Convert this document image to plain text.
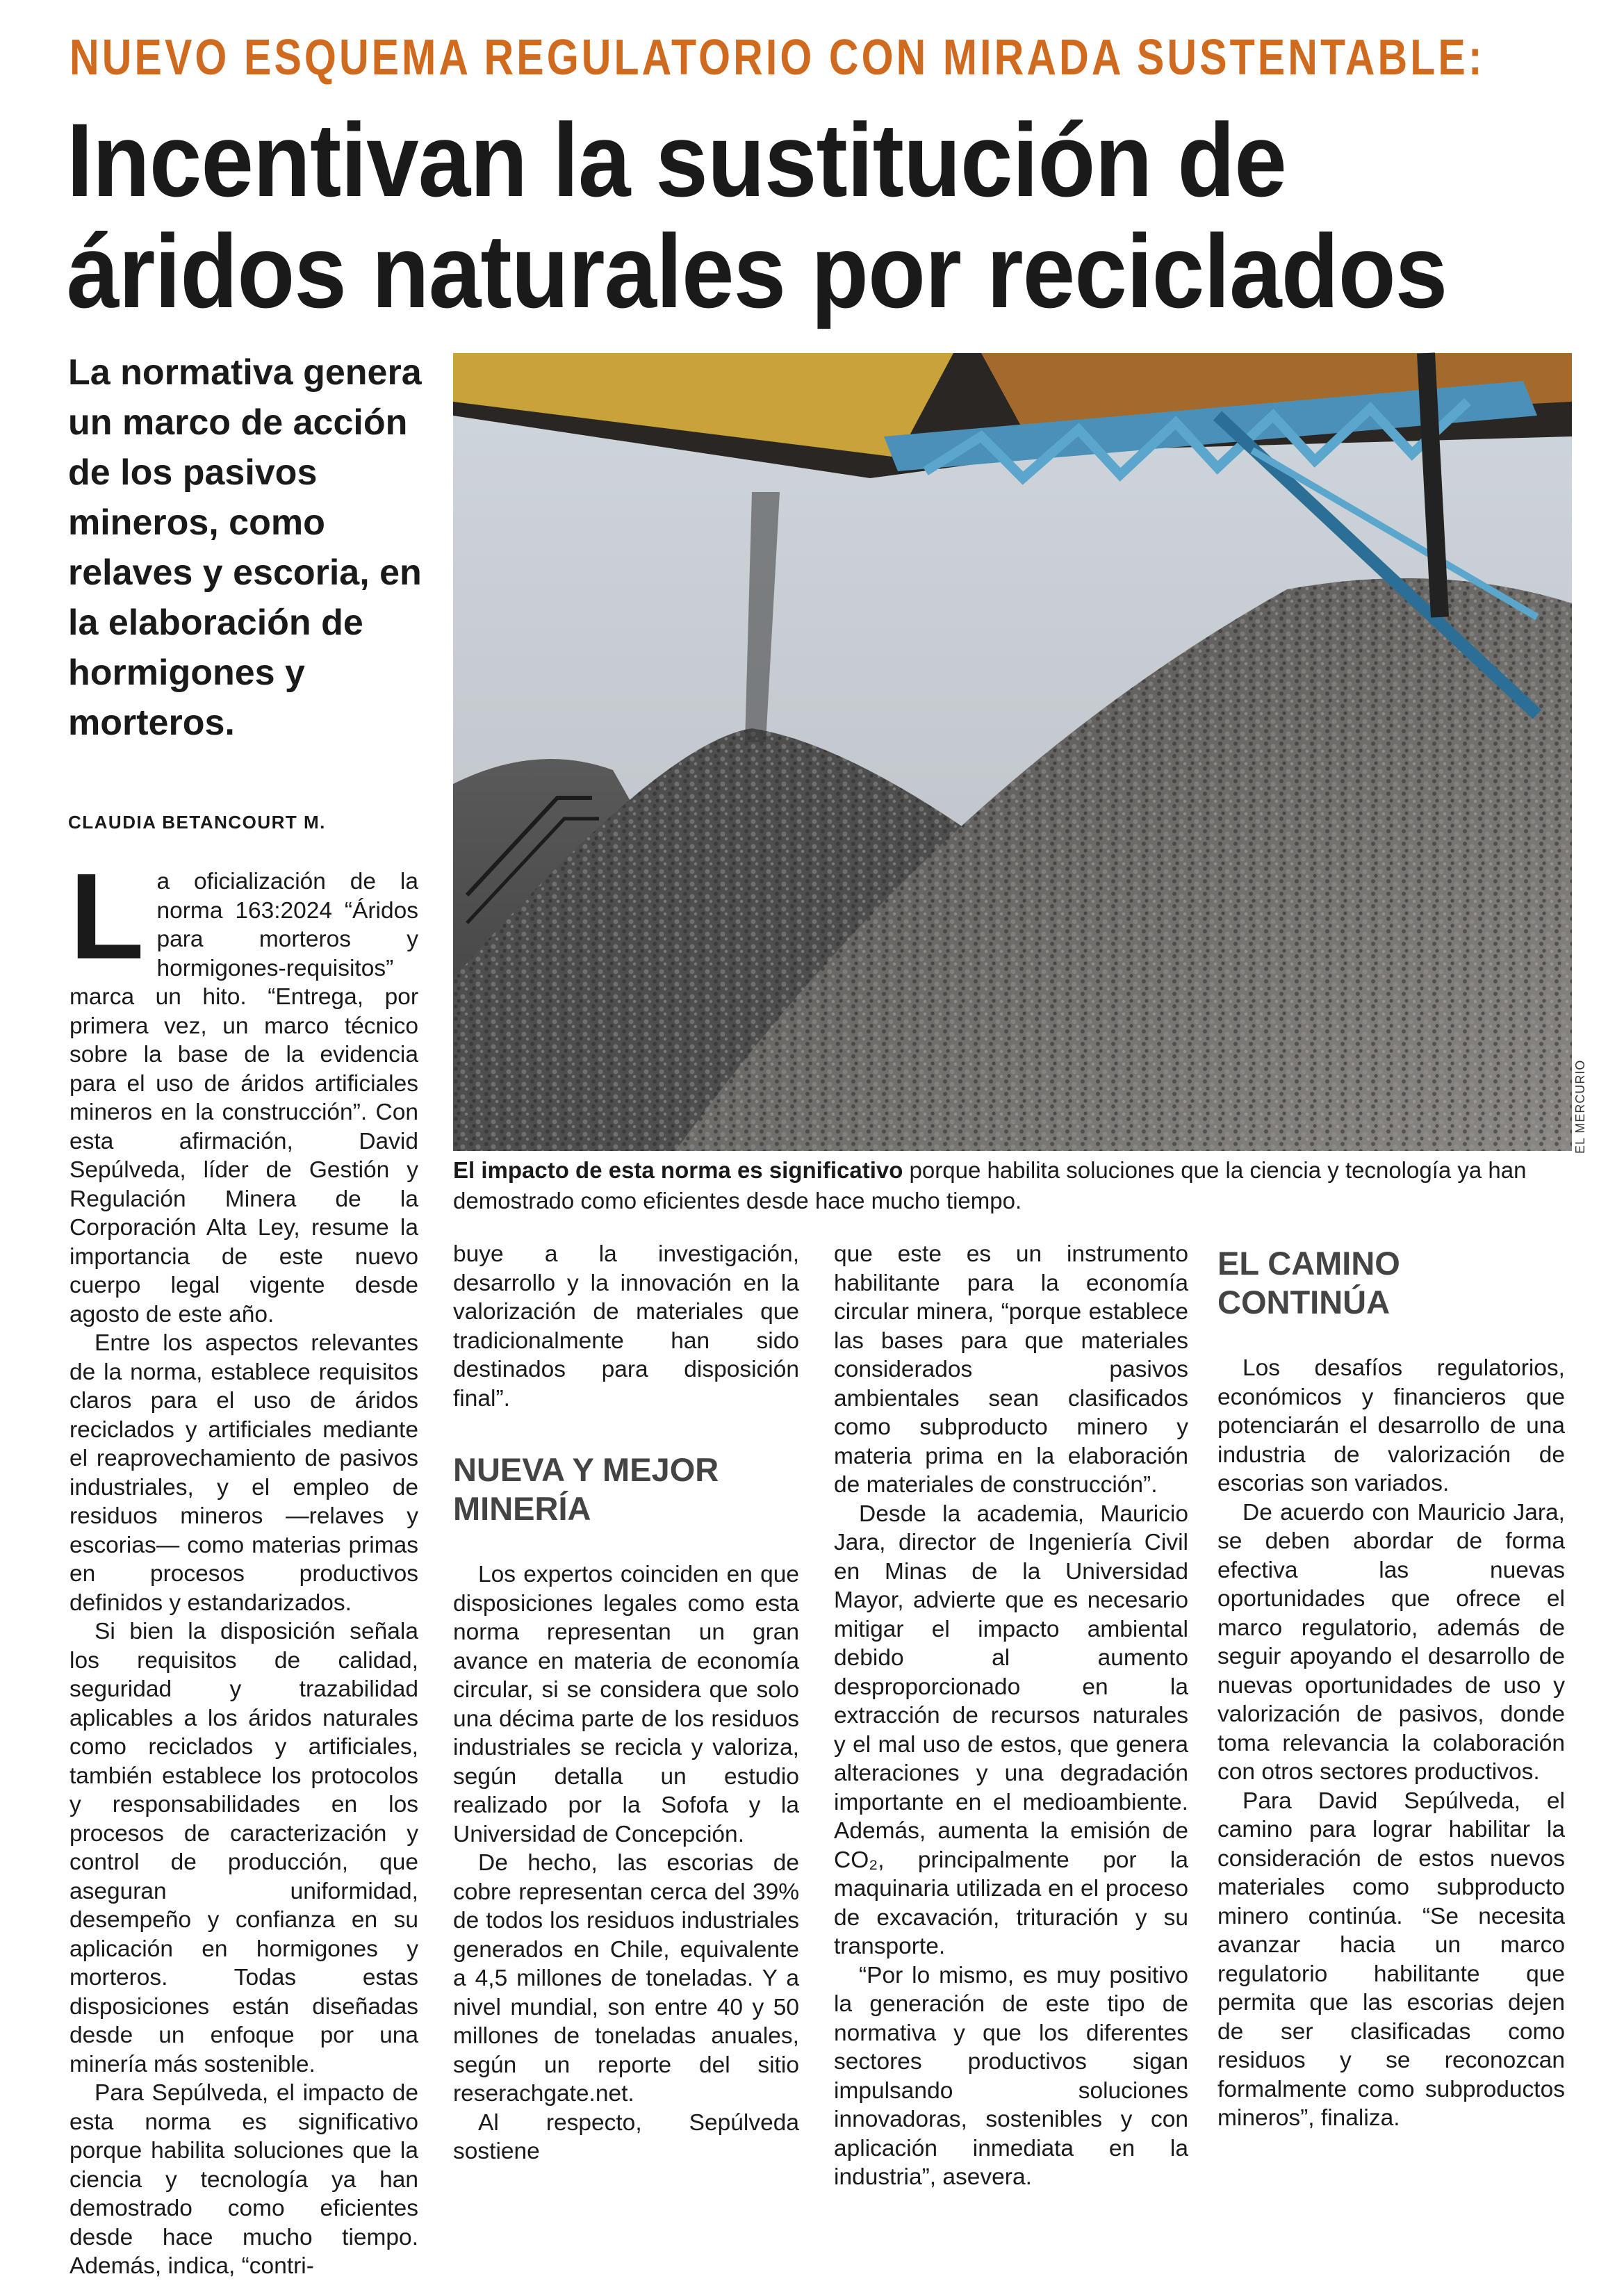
NUEVO ESQUEMA REGULATORIO CON MIRADA SUSTENTABLE:
Incentivan la sustitución de
áridos naturales por reciclados
La normativa genera un marco de acción de los pasivos mineros, como relaves y escoria, en la elaboración de hormigones y morteros.
CLAUDIA BETANCOURT M.
EL MERCURIO
El impacto de esta norma es significativo porque habilita soluciones que la ciencia y tecnología ya han demostrado como eficientes desde hace mucho tiempo.

La oficialización de la norma 163:2024 “Áridos para morteros y hormigones-requisitos” marca un hito. “Entrega, por primera vez, un marco técnico sobre la base de la evidencia para el uso de áridos artificiales mineros en la construcción”. Con esta afirmación, David Sepúlveda, líder de Gestión y Regulación Minera de la Corporación Alta Ley, resume la importancia de este nuevo cuerpo legal vigente desde agosto de este año.

Entre los aspectos relevantes de la norma, establece requisitos claros para el uso de áridos reciclados y artificiales mediante el reaprovechamiento de pasivos industriales, y el empleo de residuos mineros —relaves y escorias— como materias primas en procesos productivos definidos y estandarizados.

Si bien la disposición señala los requisitos de calidad, seguridad y trazabilidad aplicables a los áridos naturales como reciclados y artificiales, también establece los protocolos y responsabilidades en los procesos de caracterización y control de producción, que aseguran uniformidad, desempeño y confianza en su aplicación en hormigones y morteros. Todas estas disposiciones están diseñadas desde un enfoque por una minería más sostenible.

Para Sepúlveda, el impacto de esta norma es significativo porque habilita soluciones que la ciencia y tecnología ya han demostrado como eficientes desde hace mucho tiempo. Además, indica, “contri-

buye a la investigación, desarrollo y la innovación en la valorización de materiales que tradicionalmente han sido destinados para disposición final”.

NUEVA Y MEJOR MINERÍA

Los expertos coinciden en que disposiciones legales como esta norma representan un gran avance en materia de economía circular, si se considera que solo una décima parte de los residuos industriales se recicla y valoriza, según detalla un estudio realizado por la Sofofa y la Universidad de Concepción.

De hecho, las escorias de cobre representan cerca del 39% de todos los residuos industriales generados en Chile, equivalente a 4,5 millones de toneladas. Y a nivel mundial, son entre 40 y 50 millones de toneladas anuales, según un reporte del sitio reserachgate.net.

Al respecto, Sepúlveda sostiene

que este es un instrumento habilitante para la economía circular minera, “porque establece las bases para que materiales considerados pasivos ambientales sean clasificados como subproducto minero y materia prima en la elaboración de materiales de construcción”.

Desde la academia, Mauricio Jara, director de Ingeniería Civil en Minas de la Universidad Mayor, advierte que es necesario mitigar el impacto ambiental debido al aumento desproporcionado en la extracción de recursos naturales y el mal uso de estos, que genera alteraciones y una degradación importante en el medioambiente. Además, aumenta la emisión de CO₂, principalmente por la maquinaria utilizada en el proceso de excavación, trituración y su transporte.

“Por lo mismo, es muy positivo la generación de este tipo de normativa y que los diferentes sectores productivos sigan impulsando soluciones innovadoras, sostenibles y con aplicación inmediata en la industria”, asevera.

EL CAMINO CONTINÚA

Los desafíos regulatorios, económicos y financieros que potenciarán el desarrollo de una industria de valorización de escorias son variados.

De acuerdo con Mauricio Jara, se deben abordar de forma efectiva las nuevas oportunidades que ofrece el marco regulatorio, además de seguir apoyando el desarrollo de nuevas oportunidades de uso y valorización de pasivos, donde toma relevancia la colaboración con otros sectores productivos.

Para David Sepúlveda, el camino para lograr habilitar la consideración de estos nuevos materiales como subproducto minero continúa. “Se necesita avanzar hacia un marco regulatorio habilitante que permita que las escorias dejen de ser clasificadas como residuos y se reconozcan formalmente como subproductos mineros”, finaliza.
